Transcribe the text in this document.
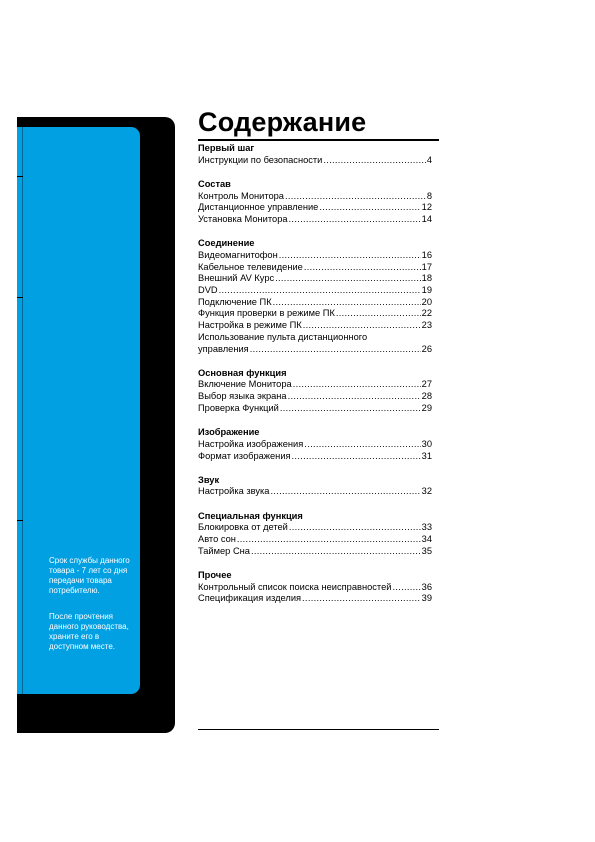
Срок службы данного товара - 7 лет со дня передачи товара потребителю.

После прочтения данного руководства, храните его в доступном месте.

Содержание
Первый шаг
Инструкции по безопасности .....	4
Состав
Контроль Монитора .....	8
Дистанционное управление .....	12
Установка Монитора .....	14
Соединение
Видеомагнитофон .....	16
Кабельное телевидение .....	17
Внешний AV Курс .....	18
DVD .....	19
Подключение ПК .....	20
Функция проверки в режиме ПК .....	22
Настройка в режиме ПК .....	23
Использование пульта дистанционного
управления .....	26
Основная функция
Включение Монитора .....	27
Выбор языка экрана .....	28
Проверка Функций .....	29
Изображение
Настройка изображения .....	30
Формат изображения .....	31
Звук
Настройка звука .....	32
Специальная функция
Блокировка от детей .....	33
Авто сон .....	34
Таймер Сна .....	35
Прочее
Контрольный список поиска неисправностей .....	36
Спецификация изделия .....	39
